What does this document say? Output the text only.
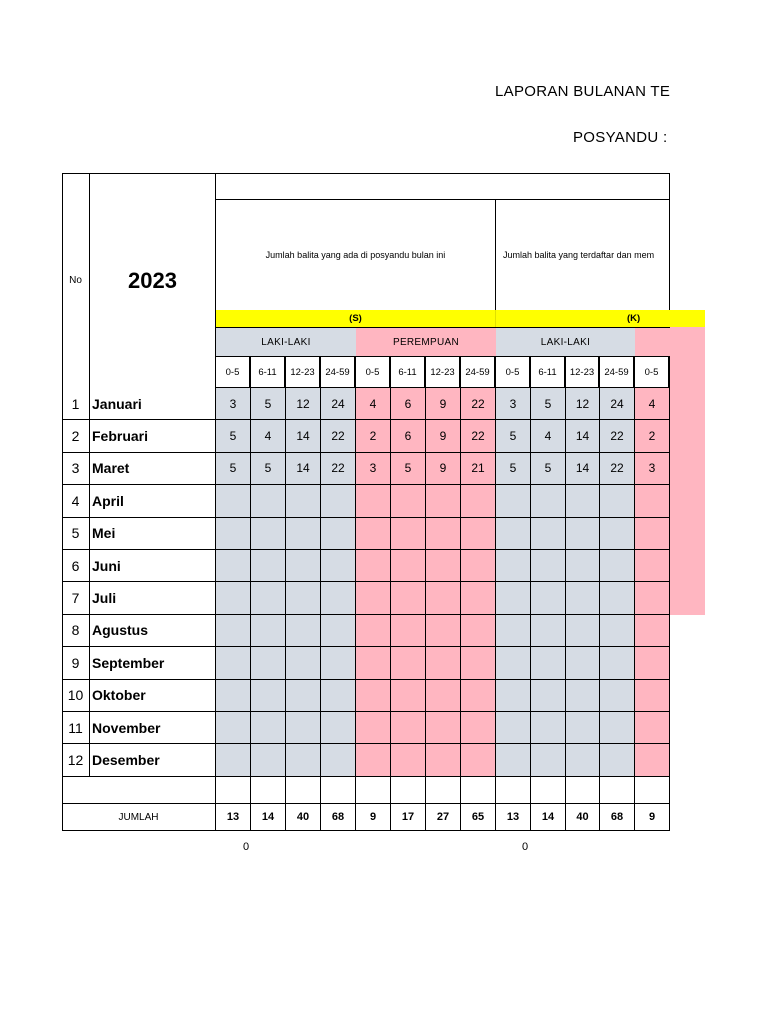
LAPORAN BULANAN TE
POSYANDU :
No	2023
Jumlah balita yang ada di posyandu bulan ini	Jumlah balita yang terdaftar dan mem
(S)	(K)
LAKI-LAKI	PEREMPUAN	LAKI-LAKI
0-5	6-11	12-23	24-59	0-5	6-11	12-23	24-59	0-5	6-11	12-23	24-59	0-5
1 Januari	3	5	12	24	4	6	9	22	3	5	12	24	4
2 Februari	5	4	14	22	2	6	9	22	5	4	14	22	2
3 Maret	5	5	14	22	3	5	9	21	5	5	14	22	3
4 April
5 Mei
6 Juni
7 Juli
8 Agustus
9 September
10 Oktober
11 November
12 Desember
JUMLAH	13	14	40	68	9	17	27	65	13	14	40	68	9
0	0
